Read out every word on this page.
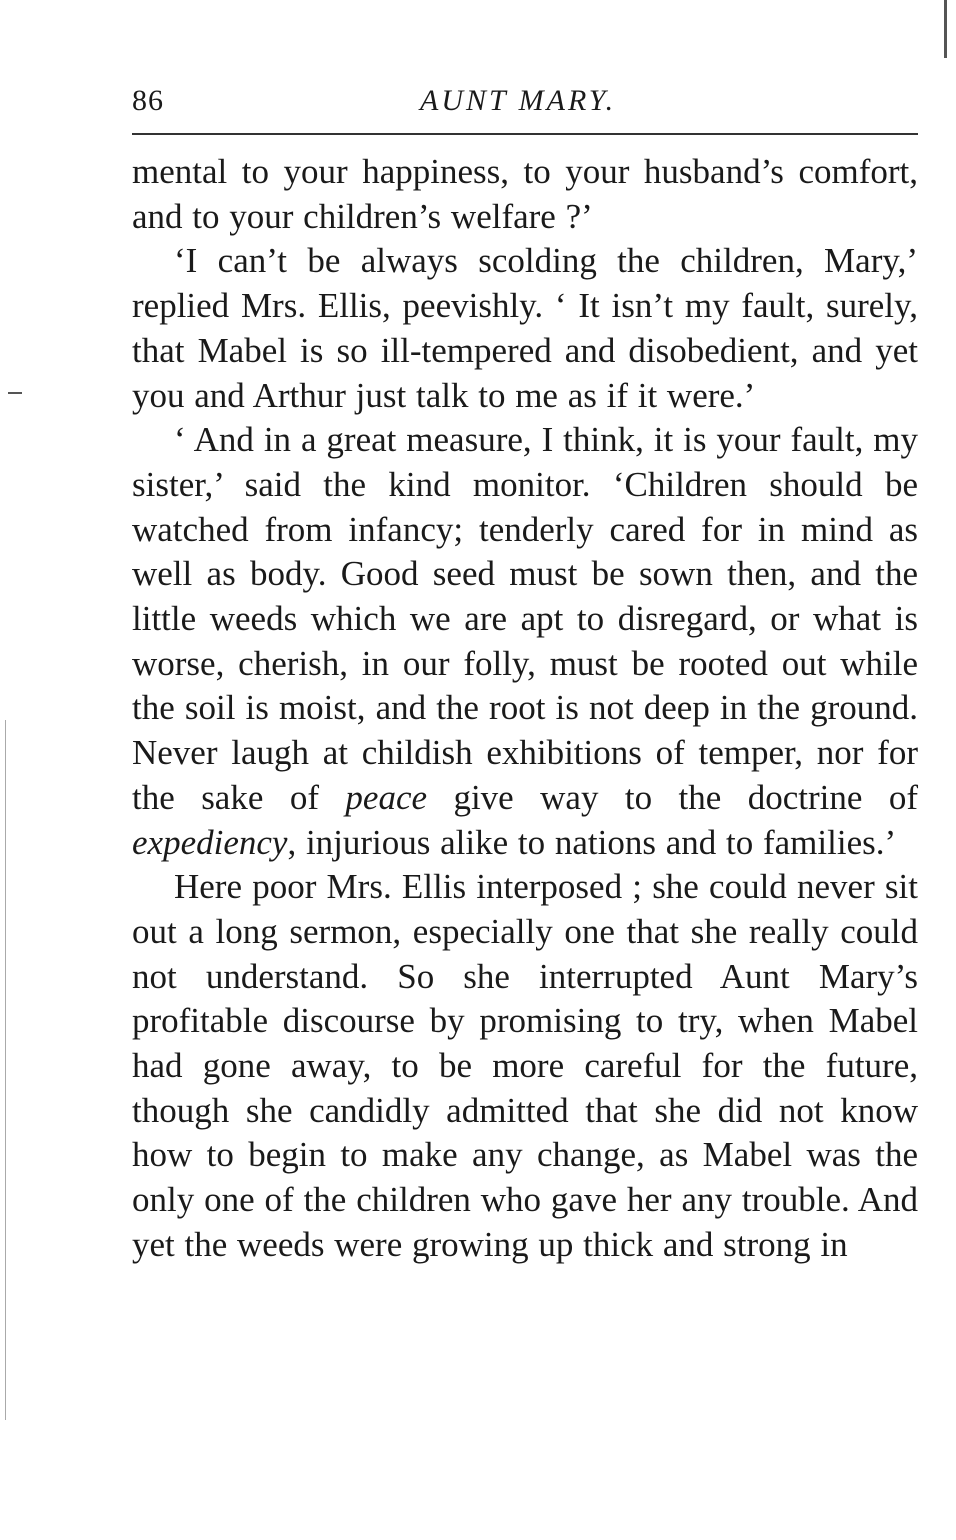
86	AUNT MARY.

mental to your happiness, to your husband’s comfort, and to your children’s welfare ?’

‘I can’t be always scolding the children, Mary,’ replied Mrs. Ellis, peevishly. ‘ It isn’t my fault, surely, that Mabel is so ill-tempered and disobedient, and yet you and Arthur just talk to me as if it were.’

‘ And in a great measure, I think, it is your fault, my sister,’ said the kind monitor. ‘Children should be watched from infancy; tenderly cared for in mind as well as body. Good seed must be sown then, and the little weeds which we are apt to disregard, or what is worse, cherish, in our folly, must be rooted out while the soil is moist, and the root is not deep in the ground. Never laugh at childish exhibitions of temper, nor for the sake of peace give way to the doctrine of expediency, injurious alike to nations and to families.’

Here poor Mrs. Ellis interposed ; she could never sit out a long sermon, especially one that she really could not understand. So she interrupted Aunt Mary’s profitable discourse by promising to try, when Mabel had gone away, to be more careful for the future, though she candidly admitted that she did not know how to begin to make any change, as Mabel was the only one of the children who gave her any trouble. And yet the weeds were growing up thick and strong in
